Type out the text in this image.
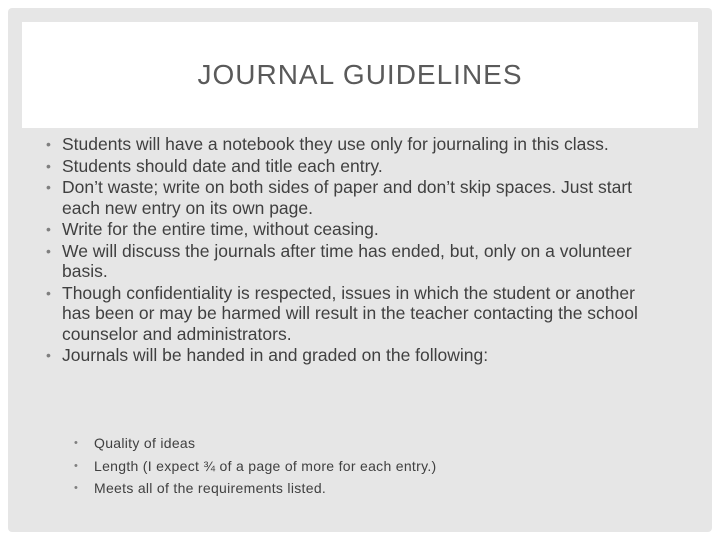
JOURNAL GUIDELINES
• Students will have a notebook they use only for journaling in this class.
• Students should date and title each entry.
• Don’t waste; write on both sides of paper and don’t skip spaces. Just start each new entry on its own page.
• Write for the entire time, without ceasing.
• We will discuss the journals after time has ended, but, only on a volunteer basis.
• Though confidentiality is respected, issues in which the student or another has been or may be harmed will result in the teacher contacting the school counselor and administrators.
• Journals will be handed in and graded on the following:
• Quality of ideas
• Length (I expect ¾ of a page of more for each entry.)
• Meets all of the requirements listed.
